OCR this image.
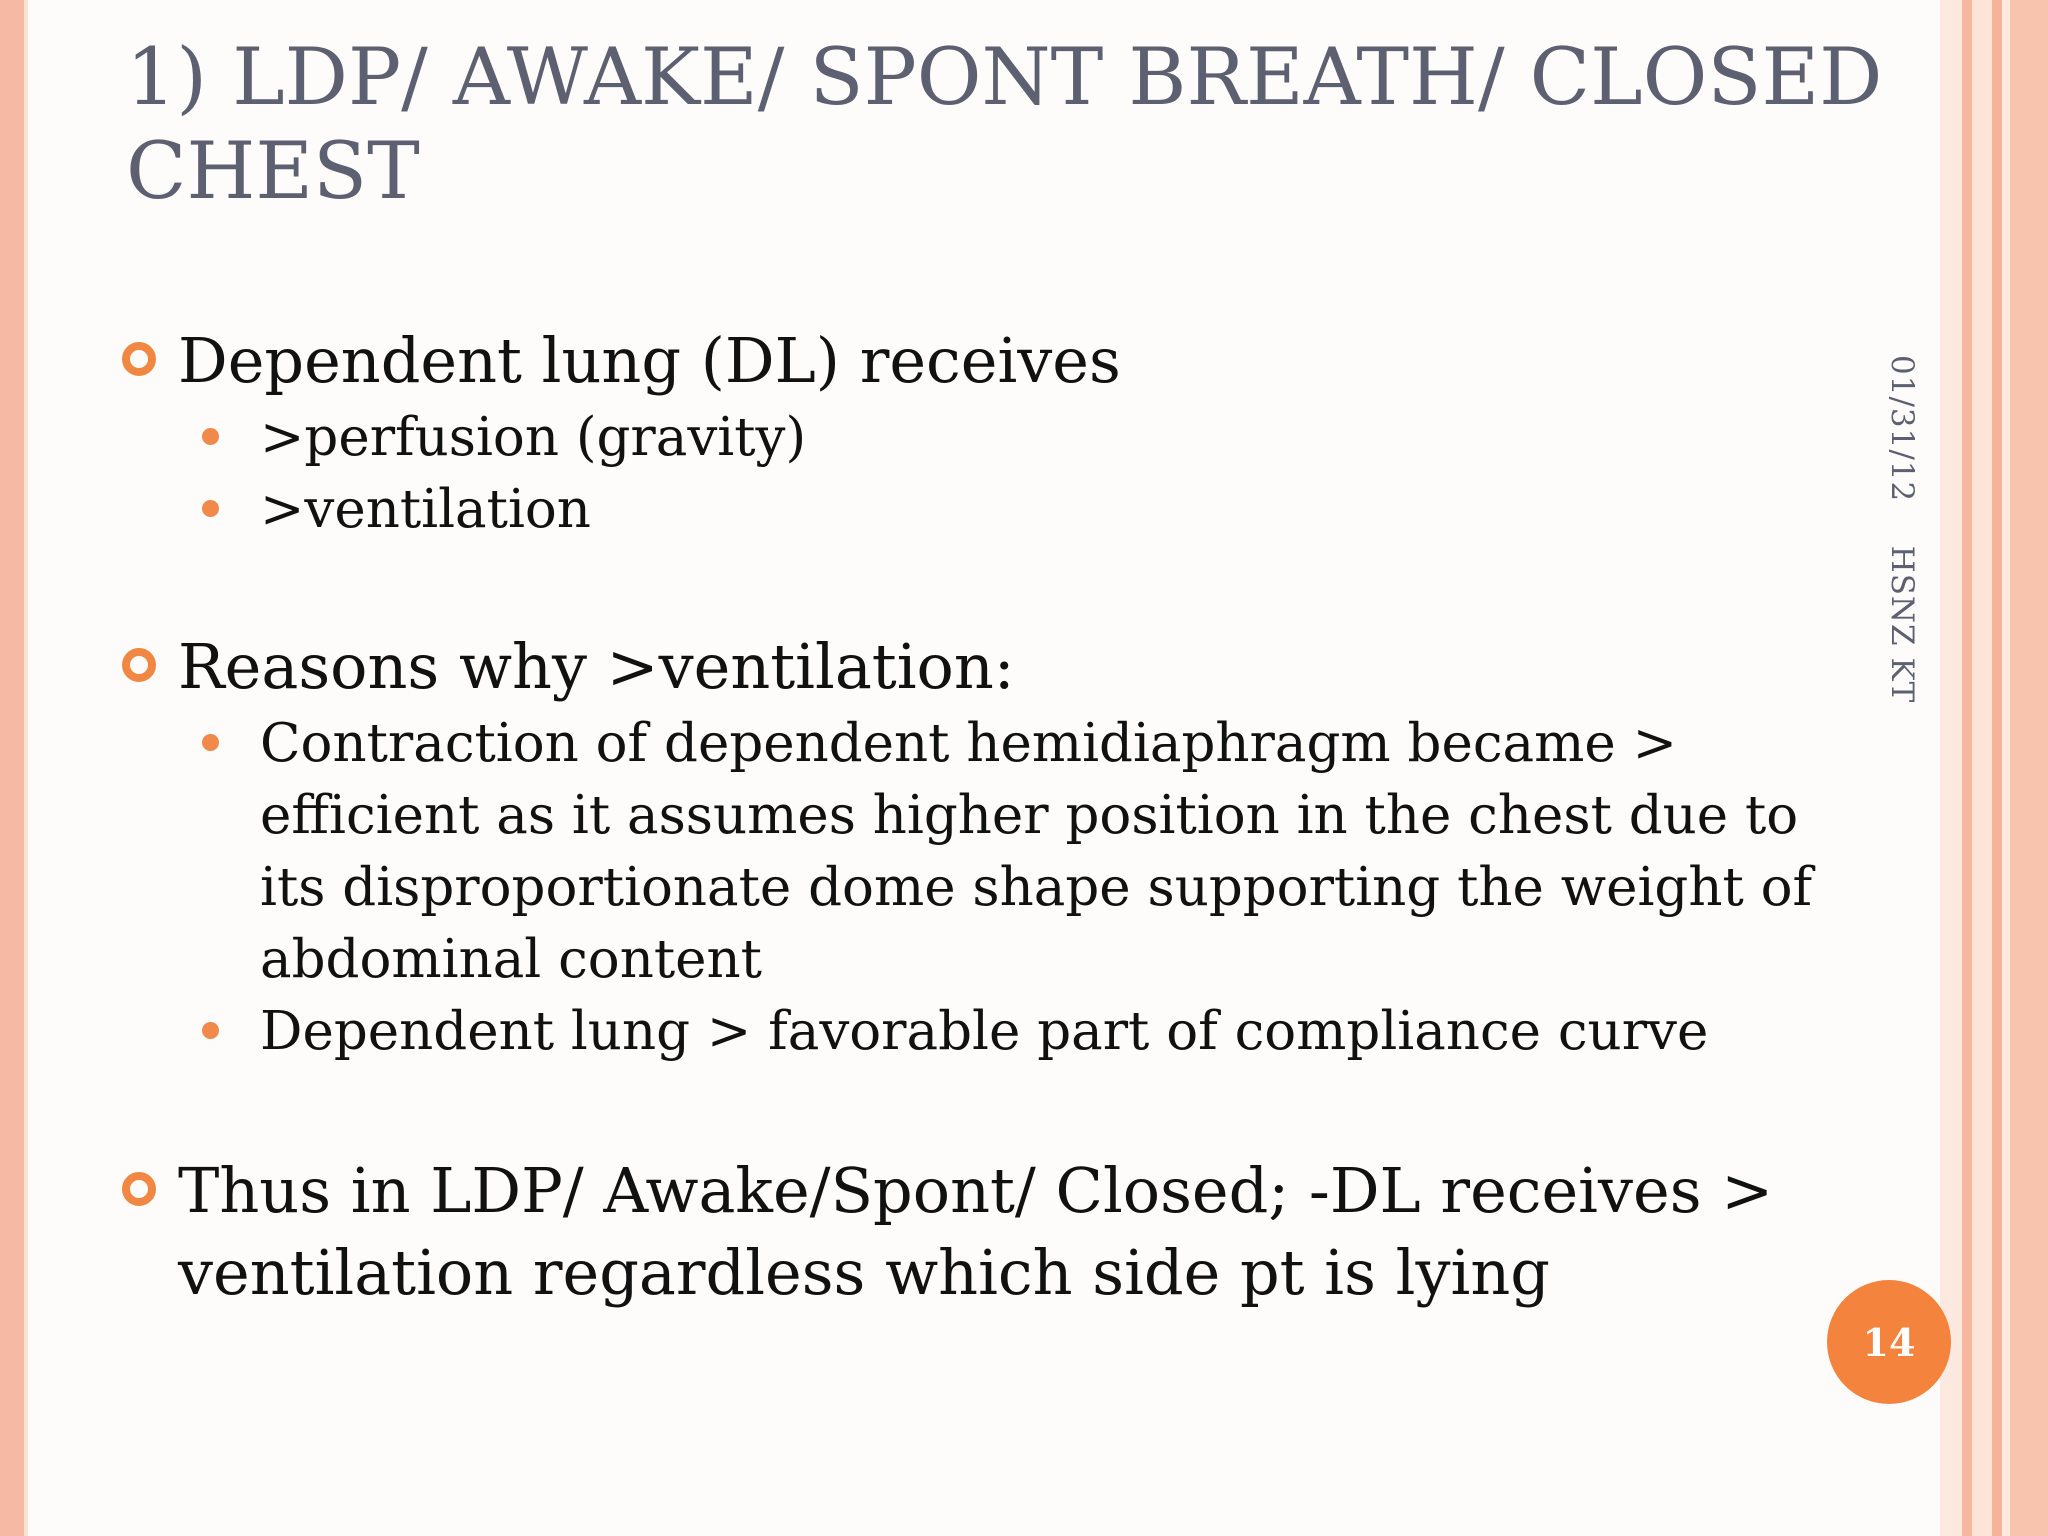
1) LDP/ AWAKE/ SPONT BREATH/ CLOSED
CHEST
Dependent lung (DL) receives
>perfusion (gravity)
>ventilation
Reasons why >ventilation:
Contraction of dependent hemidiaphragm became > efficient as it assumes higher position in the chest due to its disproportionate dome shape supporting the weight of abdominal content
Dependent lung > favorable part of compliance curve
Thus in LDP/ Awake/Spont/ Closed; -DL receives > ventilation regardless which side pt is lying
01/31/12    HSNZ KT
14
